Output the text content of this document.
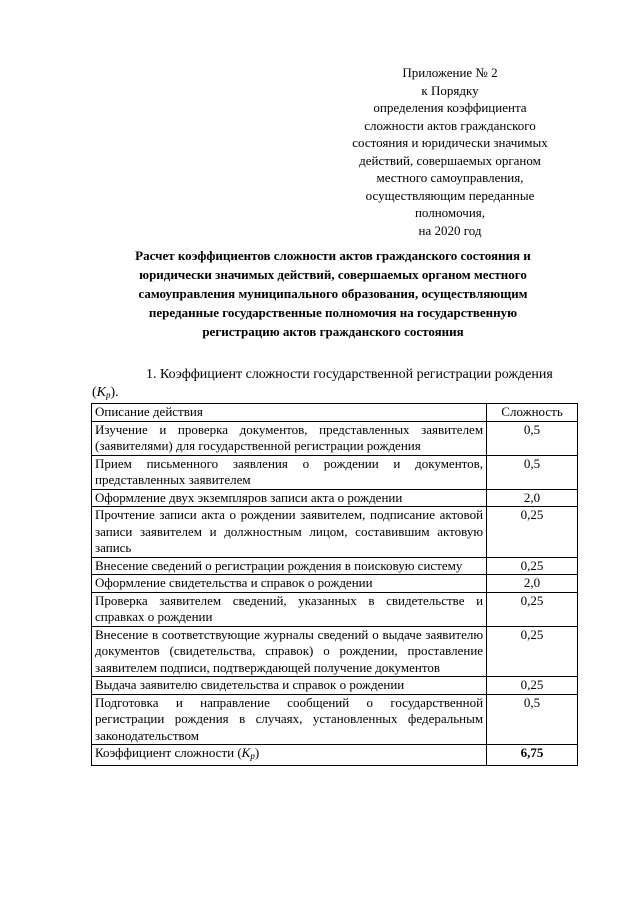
Приложение № 2
к Порядку
определения коэффициента
сложности актов гражданского
состояния и юридически значимых
действий, совершаемых органом
местного самоуправления,
осуществляющим переданные
полномочия,
на 2020 год
Расчет коэффициентов сложности актов гражданского состояния и
юридически значимых действий, совершаемых органом местного
самоуправления муниципального образования, осуществляющим
переданные государственные полномочия на государственную
регистрацию актов гражданского состояния
1. Коэффициент сложности государственной регистрации рождения
$(К_р)$.
Описание действия	Сложность
Изучение и проверка документов, представленных заявителем (заявителями) для государственной регистрации рождения	0,5
Прием письменного заявления о рождении и документов, представленных заявителем	0,5
Оформление двух экземпляров записи акта о рождении	2,0
Прочтение записи акта о рождении заявителем, подписание актовой записи заявителем и должностным лицом, составившим актовую запись	0,25
Внесение сведений о регистрации рождения в поисковую систему	0,25
Оформление свидетельства и справок о рождении	2,0
Проверка заявителем сведений, указанных в свидетельстве и справках о рождении	0,25
Внесение в соответствующие журналы сведений о выдаче заявителю документов (свидетельства, справок) о рождении, проставление заявителем подписи, подтверждающей получение документов	0,25
Выдача заявителю свидетельства и справок о рождении	0,25
Подготовка и направление сообщений о государственной регистрации рождения в случаях, установленных федеральным законодательством	0,5
Коэффициент сложности $(К_р)$	6,75
